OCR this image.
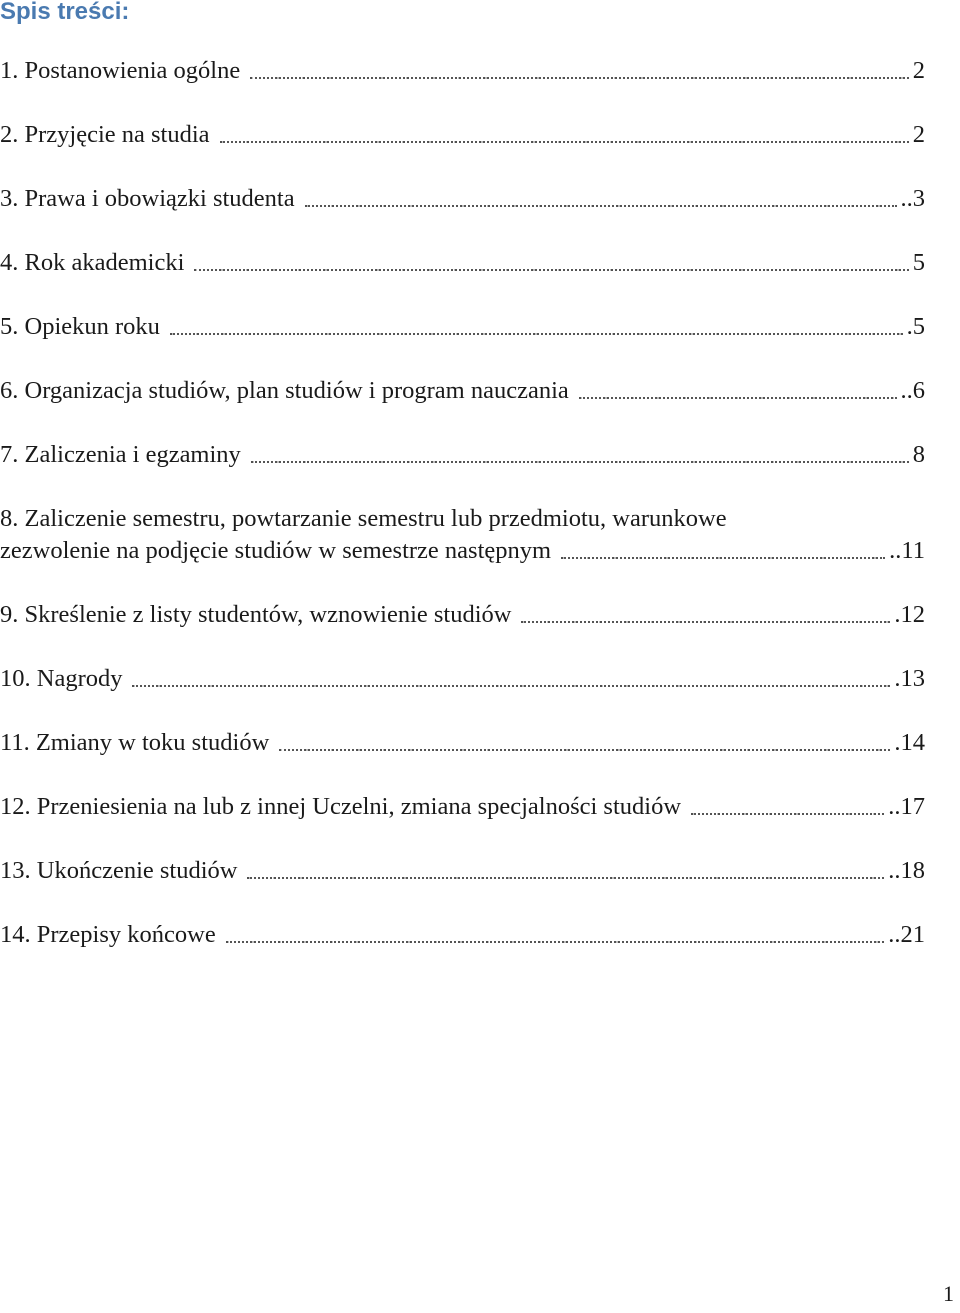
Spis treści:
1. Postanowienia ogólne	2
2. Przyjęcie na studia	2
3. Prawa i obowiązki studenta	..3
4. Rok akademicki	5
5. Opiekun roku	.5
6. Organizacja studiów, plan studiów i program nauczania	..6
7. Zaliczenia i egzaminy	8
8. Zaliczenie semestru, powtarzanie semestru lub przedmiotu, warunkowe
zezwolenie na podjęcie studiów w semestrze następnym	..11
9. Skreślenie z listy studentów, wznowienie studiów	.12
10. Nagrody	.13
11. Zmiany w toku studiów	.14
12. Przeniesienia na lub z innej Uczelni, zmiana specjalności studiów	..17
13. Ukończenie studiów	..18
14. Przepisy końcowe	..21
1
